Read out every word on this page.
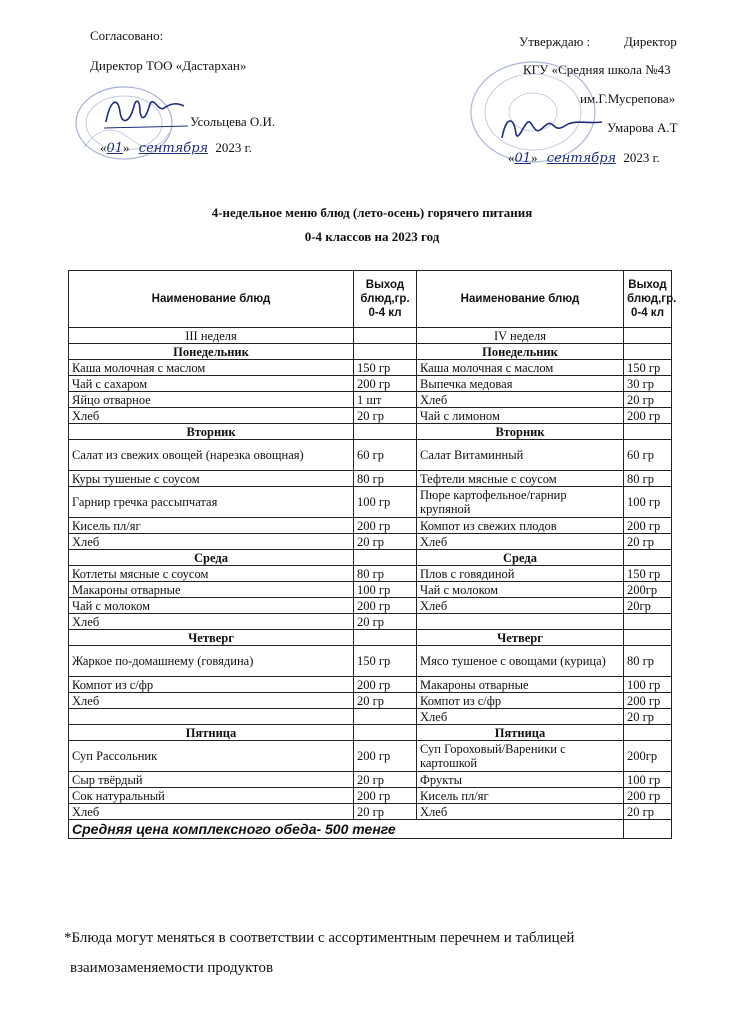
Согласовано:
Директор ТОО «Дастархан»
Усольцева О.И.
«01» сентября 2023 г.
Утверждаю :	Директор
КГУ «Средняя школа №43
им.Г.Мусрепова»
Умарова А.Т
«01» сентября 2023 г.
4-недельное меню блюд (лето-осень) горячего питания
0-4 классов на 2023 год
Наименование блюд	Выход блюд,гр. 0-4 кл	Наименование блюд	Выход блюд,гр. 0-4 кл
III неделя		IV неделя	
Понедельник		Понедельник	
Каша молочная с маслом	150 гр	Каша молочная с маслом	150 гр
Чай с сахаром	200 гр	Выпечка медовая	30 гр
Яйцо отварное	1 шт	Хлеб	20 гр
Хлеб	20 гр	Чай с лимоном	200 гр
Вторник		Вторник	
Салат из свежих овощей (нарезка овощная)	60 гр	Салат Витаминный	60 гр
Куры тушеные с соусом	80 гр	Тефтели мясные с соусом	80 гр
Гарнир гречка рассыпчатая	100 гр	Пюре картофельное/гарнир крупяной	100 гр
Кисель пл/яг	200 гр	Компот из свежих плодов	200 гр
Хлеб	20 гр	Хлеб	20 гр
Среда		Среда	
Котлеты мясные с соусом	80 гр	Плов с говядиной	150 гр
Макароны отварные	100 гр	Чай с молоком	200гр
Чай с молоком	200 гр	Хлеб	20гр
Хлеб	20 гр		
Четверг		Четверг	
Жаркое по-домашнему (говядина)	150 гр	Мясо тушеное с овощами (курица)	80 гр
Компот из с/фр	200 гр	Макароны отварные	100 гр
Хлеб	20 гр	Компот из с/фр	200 гр
		Хлеб	20 гр
Пятница		Пятница	
Суп Рассольник	200 гр	Суп Гороховый/Вареники с картошкой	200гр
Сыр твёрдый	20 гр	Фрукты	100 гр
Сок натуральный	200 гр	Кисель пл/яг	200 гр
Хлеб	20 гр	Хлеб	20 гр
Средняя цена комплексного обеда- 500 тенге			
*Блюда могут меняться в соответствии с ассортиментным перечнем и таблицей
взаимозаменяемости продуктов
